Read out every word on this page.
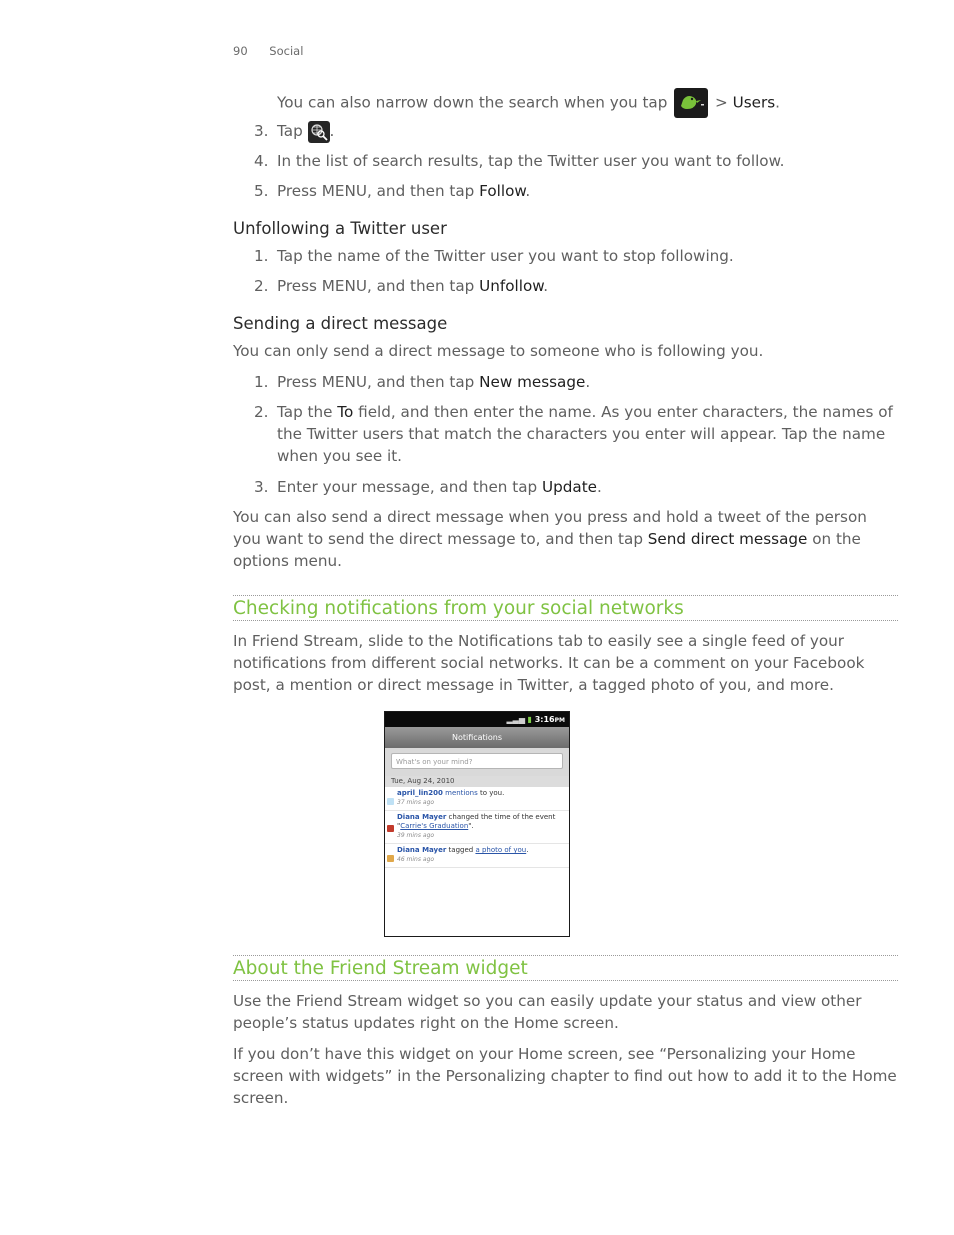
90 Social
You can also narrow down the search when you tap	> Users.
3. Tap .
4. In the list of search results, tap the Twitter user you want to follow.
5. Press MENU, and then tap Follow.
Unfollowing a Twitter user
1. Tap the name of the Twitter user you want to stop following.
2. Press MENU, and then tap Unfollow.
Sending a direct message
You can only send a direct message to someone who is following you.
1. Press MENU, and then tap New message.
2. Tap the To field, and then enter the name. As you enter characters, the names of the Twitter users that match the characters you enter will appear. Tap the name when you see it.
3. Enter your message, and then tap Update.
You can also send a direct message when you press and hold a tweet of the person you want to send the direct message to, and then tap Send direct message on the options menu.
Checking notifications from your social networks
In Friend Stream, slide to the Notifications tab to easily see a single feed of your notifications from different social networks. It can be a comment on your Facebook post, a mention or direct message in Twitter, a tagged photo of you, and more.
▂▃▅ ▮ 3:16PM
Notifications
What's on your mind?
Tue, Aug 24, 2010
april_lin200 mentions to you.
37 mins ago
Diana Mayer changed the time of the event "Carrie's Graduation".
39 mins ago
Diana Mayer tagged a photo of you.
46 mins ago
About the Friend Stream widget
Use the Friend Stream widget so you can easily update your status and view other people’s status updates right on the Home screen.
If you don’t have this widget on your Home screen, see “Personalizing your Home screen with widgets” in the Personalizing chapter to find out how to add it to the Home screen.
